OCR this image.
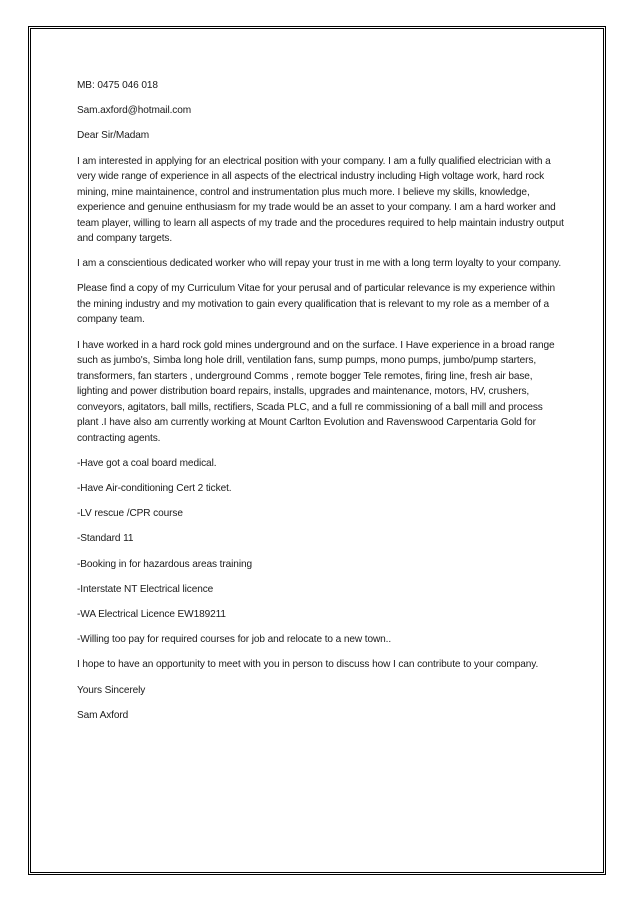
MB: 0475 046 018

Sam.axford@hotmail.com

Dear Sir/Madam

I am interested in applying for an electrical position with your company. I am a fully qualified electrician with a very wide range of experience in all aspects of the electrical industry including High voltage work, hard rock mining, mine maintainence, control and instrumentation plus much more. I believe my skills, knowledge, experience and genuine enthusiasm for my trade would be an asset to your company. I am a hard worker and team player, willing to learn all aspects of my trade and the procedures required to help maintain industry output and company targets.

I am a conscientious dedicated worker who will repay your trust in me with a long term loyalty to your company.

Please find a copy of my Curriculum Vitae for your perusal and of particular relevance is my experience within the mining industry and my motivation to gain every qualification that is relevant to my role as a member of a company team.

I have worked in a hard rock gold mines underground and on the surface. I Have experience in a broad range such as jumbo's, Simba long hole drill, ventilation fans, sump pumps, mono pumps, jumbo/pump starters, transformers, fan starters , underground Comms , remote bogger Tele remotes, firing line, fresh air base, lighting and power distribution board repairs, installs, upgrades and maintenance, motors, HV, crushers, conveyors, agitators, ball mills, rectifiers, Scada PLC, and a full re commissioning of a ball mill and process plant .I have also am currently working at Mount Carlton Evolution and Ravenswood Carpentaria Gold for contracting agents.

-Have got a coal board medical.

-Have Air-conditioning Cert 2 ticket.

-LV rescue /CPR course

-Standard 11

-Booking in for hazardous areas training

-Interstate NT Electrical licence

-WA Electrical Licence EW189211

-Willing too pay for required courses for job and relocate to a new town..

I hope to have an opportunity to meet with you in person to discuss how I can contribute to your company.

Yours Sincerely

Sam Axford
